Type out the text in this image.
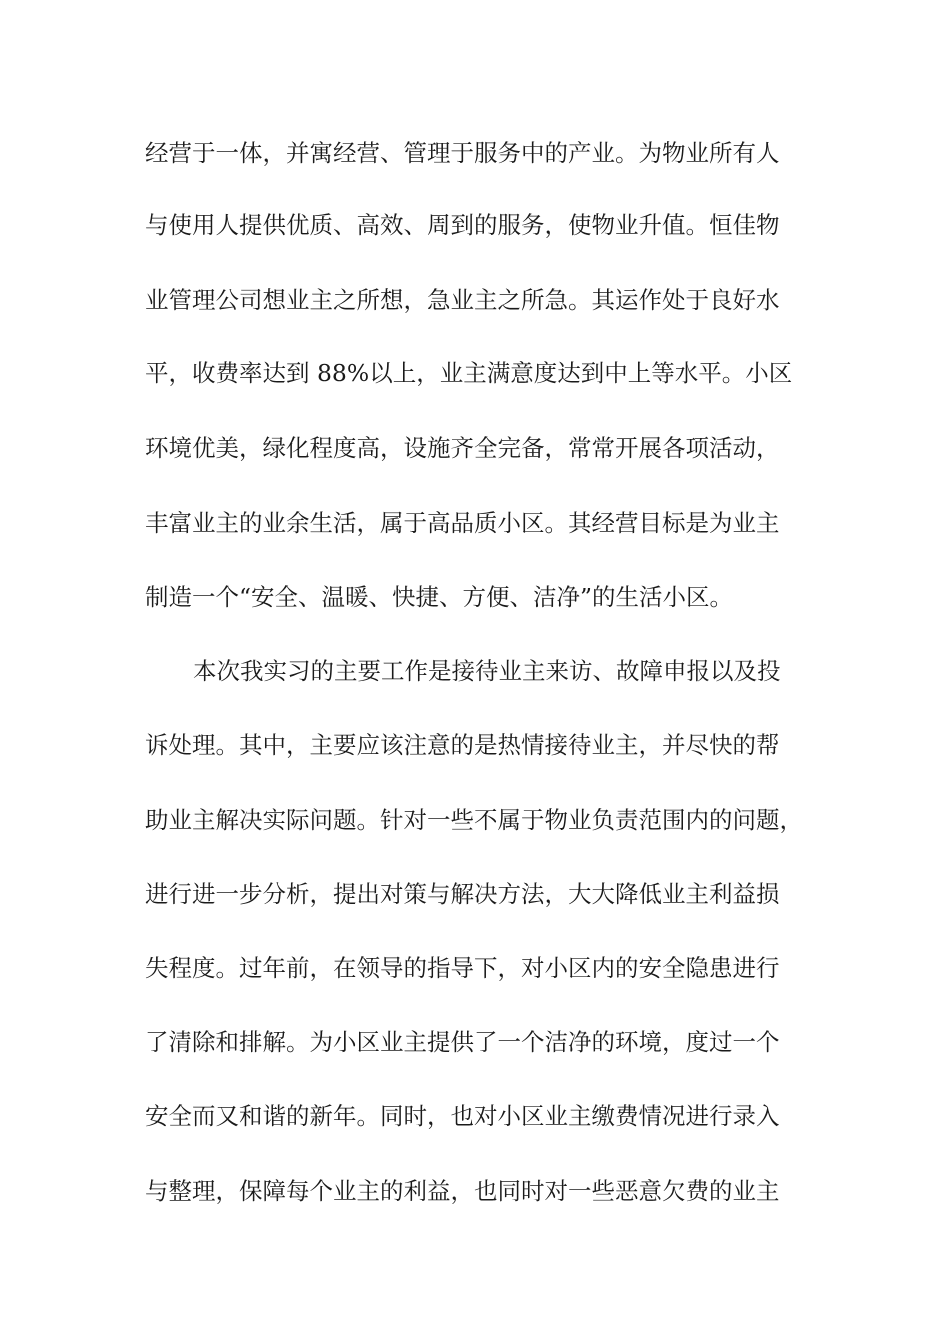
经营于一体，并寓经营、管理于服务中的产业。为物业所有人
与使用人提供优质、高效、周到的服务，使物业升值。恒佳物
业管理公司想业主之所想，急业主之所急。其运作处于良好水
平，收费率达到 88%以上，业主满意度达到中上等水平。小区
环境优美，绿化程度高，设施齐全完备，常常开展各项活动，
丰富业主的业余生活，属于高品质小区。其经营目标是为业主
制造一个“安全、温暖、快捷、方便、洁净”的生活小区。
本次我实习的主要工作是接待业主来访、故障申报以及投
诉处理。其中，主要应该注意的是热情接待业主，并尽快的帮
助业主解决实际问题。针对一些不属于物业负责范围内的问题，
进行进一步分析，提出对策与解决方法，大大降低业主利益损
失程度。过年前，在领导的指导下，对小区内的安全隐患进行
了清除和排解。为小区业主提供了一个洁净的环境，度过一个
安全而又和谐的新年。同时，也对小区业主缴费情况进行录入
与整理，保障每个业主的利益，也同时对一些恶意欠费的业主
